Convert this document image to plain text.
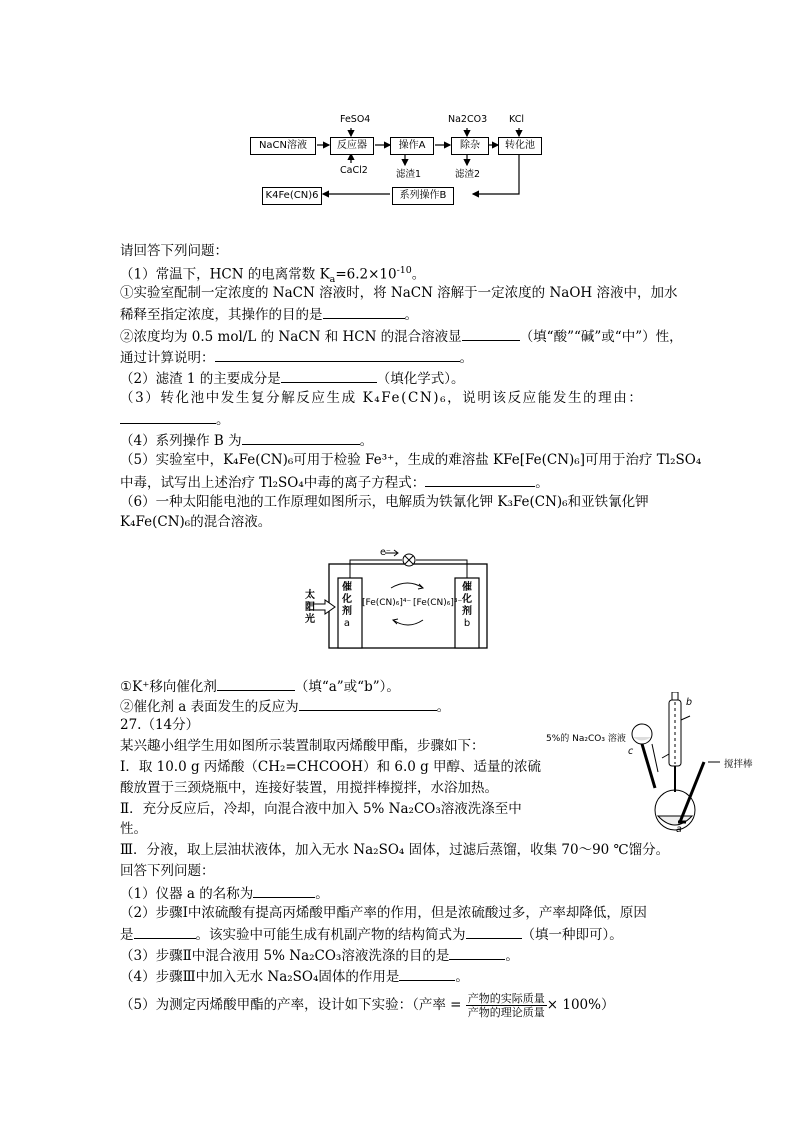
NaCN溶液	反应器	操作A	除杂	转化池
系列操作B
K4Fe(CN)6
FeSO4
CaCl2	滤渣1
Na2CO3
滤渣2
KCl
请回答下列问题：
（1）常温下，HCN 的电离常数 $K_a=6.2\times 10^{-10}$。
①实验室配制一定浓度的 NaCN 溶液时，将 NaCN 溶解于一定浓度的 NaOH 溶液中，加水
稀释至指定浓度，其操作的目的是	。
②浓度均为 0.5 mol/L 的 NaCN 和 HCN 的混合溶液显	（填“酸”“碱”或“中”）性，
通过计算说明：	。
（2）滤渣 1 的主要成分是	（填化学式）。
（3）转化池中发生复分解反应生成 K₄Fe(CN)₆，说明该反应能发生的理由：
。
（4）系列操作 B 为	。
（5）实验室中，K₄Fe(CN)₆可用于检验 Fe³⁺，生成的难溶盐 KFe[Fe(CN)₆]可用于治疗 Tl₂SO₄
中毒，试写出上述治疗 Tl₂SO₄中毒的离子方程式：	。
（6）一种太阳能电池的工作原理如图所示，电解质为铁氰化钾 K₃Fe(CN)₆和亚铁氰化钾
K₄Fe(CN)₆的混合溶液。
e⁻
太
阳
光
催
化
剂
a
催
化
剂
b
[Fe(CN)₆]⁴⁻ [Fe(CN)₆]³⁻
①K⁺移向催化剂	（填“a”或“b”）。
②催化剂 a 表面发生的反应为	。
5%的 Na₂CO₃ 溶液
搅拌棒
b
c
a
27.（14分）
某兴趣小组学生用如图所示装置制取丙烯酸甲酯，步骤如下：
Ⅰ．取 10.0 g 丙烯酸（CH₂=CHCOOH）和 6.0 g 甲醇、适量的浓硫
酸放置于三颈烧瓶中，连接好装置，用搅拌棒搅拌，水浴加热。
Ⅱ．充分反应后，冷却，向混合液中加入 5% Na₂CO₃溶液洗涤至中
性。
Ⅲ．分液，取上层油状液体，加入无水 Na₂SO₄ 固体，过滤后蒸馏，收集 70～90 ℃馏分。
回答下列问题：
（1）仪器 a 的名称为	。
（2）步骤Ⅰ中浓硫酸有提高丙烯酸甲酯产率的作用，但是浓硫酸过多，产率却降低，原因
是	。该实验中可能生成有机副产物的结构简式为	（填一种即可）。
（3）步骤Ⅱ中混合液用 5% Na₂CO₃溶液洗涤的目的是	。
（4）步骤Ⅲ中加入无水 Na₂SO₄固体的作用是	。
（5）为测定丙烯酸甲酯的产率，设计如下实验：（产率 = $\frac{\text{产物的实际质量}}{\text{产物的理论质量}} \times 100\%$）
